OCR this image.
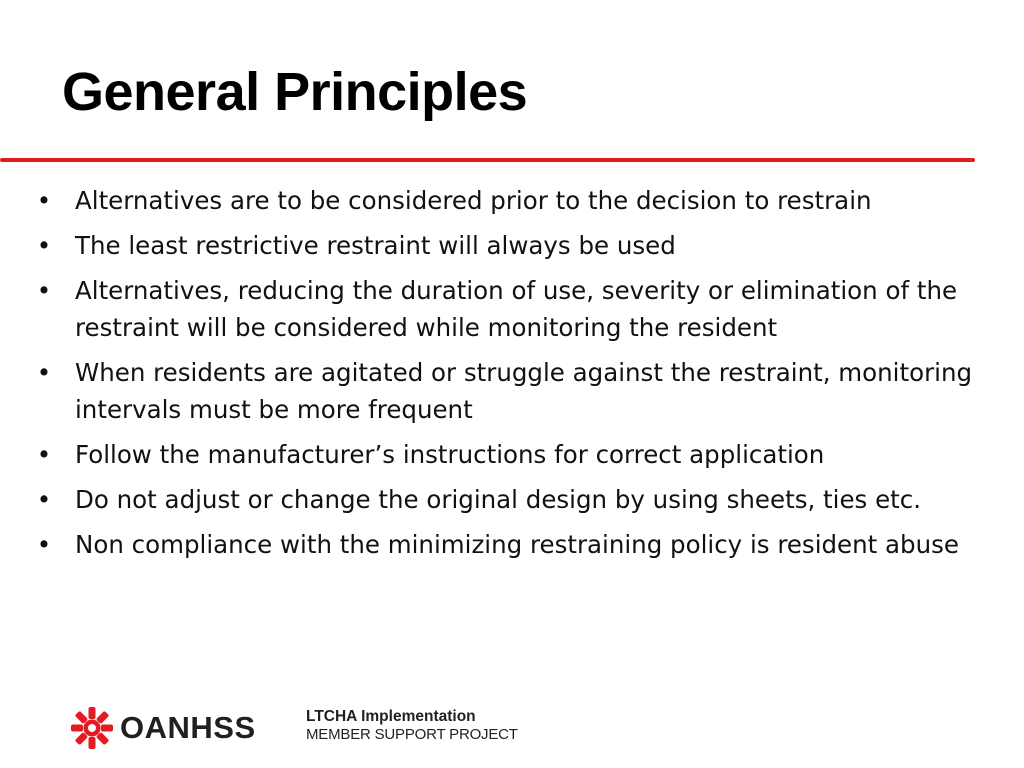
General Principles
• Alternatives are to be considered prior to the decision to restrain
• The least restrictive restraint will always be used
• Alternatives, reducing the duration of use, severity or elimination of the restraint will be considered while monitoring the resident
• When residents are agitated or struggle against the restraint, monitoring intervals must be more frequent
• Follow the manufacturer’s instructions for correct application
• Do not adjust or change the original design by using sheets, ties etc.
• Non compliance with the minimizing restraining policy is resident abuse
OANHSS	LTCHA Implementation
MEMBER SUPPORT PROJECT
